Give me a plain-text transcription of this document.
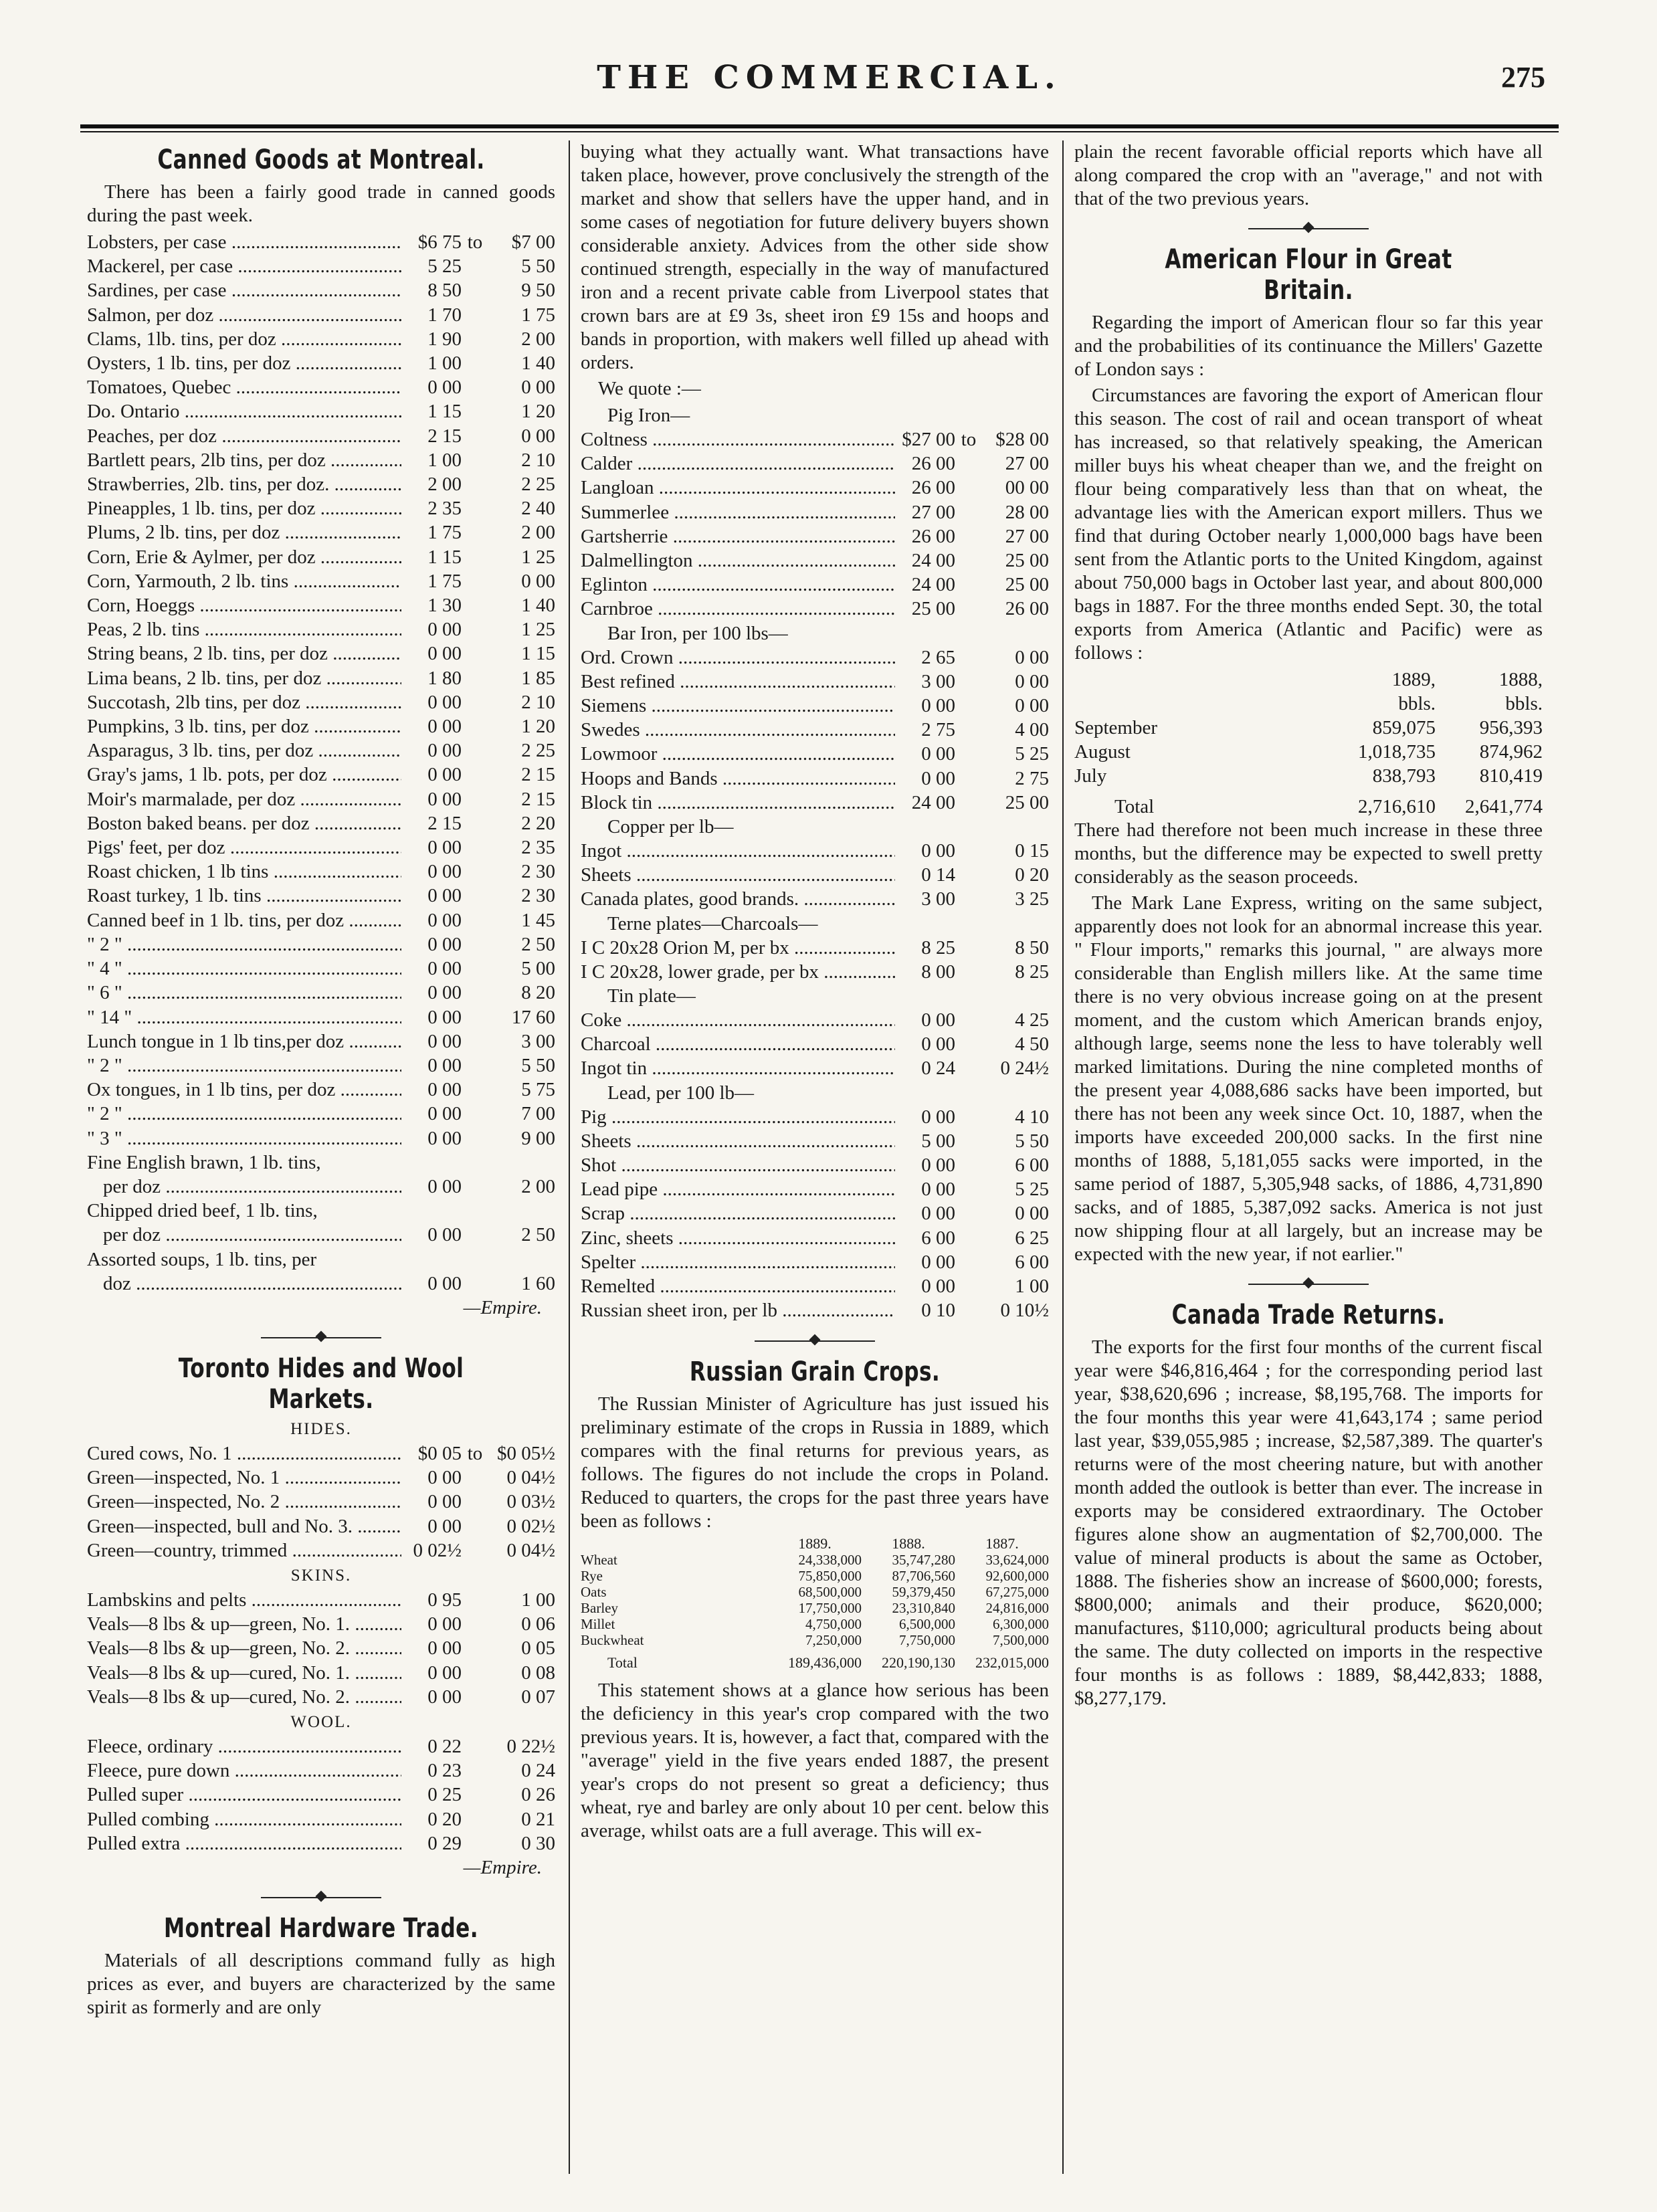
THE COMMERCIAL.	275
Canned Goods at Montreal.

There has been a fairly good trade in canned goods during the past week.

Lobsters, per case .....	$6 75	to	$7 00
Mackerel, per case .....	5 25		5 50
Sardines, per case .....	8 50		9 50
Salmon, per doz .....	1 70		1 75
Clams, 1lb. tins, per doz .....	1 90		2 00
Oysters, 1 lb. tins, per doz .....	1 00		1 40
Tomatoes, Quebec .....	0 00		0 00
Do. Ontario .....	1 15		1 20
Peaches, per doz .....	2 15		0 00
Bartlett pears, 2lb tins, per doz .....	1 00		2 10
Strawberries, 2lb. tins, per doz. .....	2 00		2 25
Pineapples, 1 lb. tins, per doz .....	2 35		2 40
Plums, 2 lb. tins, per doz .....	1 75		2 00
Corn, Erie & Aylmer, per doz .....	1 15		1 25
Corn, Yarmouth, 2 lb. tins .....	1 75		0 00
Corn, Hoeggs .....	1 30		1 40
Peas, 2 lb. tins .....	0 00		1 25
String beans, 2 lb. tins, per doz .....	0 00		1 15
Lima beans, 2 lb. tins, per doz .....	1 80		1 85
Succotash, 2lb tins, per doz .....	0 00		2 10
Pumpkins, 3 lb. tins, per doz .....	0 00		1 20
Asparagus, 3 lb. tins, per doz .....	0 00		2 25
Gray's jams, 1 lb. pots, per doz .....	0 00		2 15
Moir's marmalade, per doz .....	0 00		2 15
Boston baked beans. per doz .....	2 15		2 20
Pigs' feet, per doz .....	0 00		2 35
Roast chicken, 1 lb tins .....	0 00		2 30
Roast turkey, 1 lb. tins .....	0 00		2 30
Canned beef in 1 lb. tins, per doz .....	0 00		1 45
" 2 " .....	0 00		2 50
" 4 " .....	0 00		5 00
" 6 " .....	0 00		8 20
" 14 " .....	0 00		17 60
Lunch tongue in 1 lb tins,per doz .....	0 00		3 00
" 2 " .....	0 00		5 50
Ox tongues, in 1 lb tins, per doz .....	0 00		5 75
" 2 " .....	0 00		7 00
" 3 " .....	0 00		9 00
Fine English brawn, 1 lb. tins,			
per doz .....	0 00		2 00
Chipped dried beef, 1 lb. tins,			
per doz .....	0 00		2 50
Assorted soups, 1 lb. tins, per			
doz .....	0 00		1 60
—Empire.
Toronto Hides and Wool Markets.
HIDES.
Cured cows, No. 1 .....	$0 05	to	$0 05½
Green—inspected, No. 1 .....	0 00		0 04½
Green—inspected, No. 2 .....	0 00		0 03½
Green—inspected, bull and No. 3. .....	0 00		0 02½
Green—country, trimmed .....	0 02½		0 04½
SKINS.
Lambskins and pelts .....	0 95		1 00
Veals—8 lbs & up—green, No. 1. .....	0 00		0 06
Veals—8 lbs & up—green, No. 2. .....	0 00		0 05
Veals—8 lbs & up—cured, No. 1. .....	0 00		0 08
Veals—8 lbs & up—cured, No. 2. .....	0 00		0 07
WOOL.
Fleece, ordinary .....	0 22		0 22½
Fleece, pure down .....	0 23		0 24
Pulled super .....	0 25		0 26
Pulled combing .....	0 20		0 21
Pulled extra .....	0 29		0 30
—Empire.
Montreal Hardware Trade.

Materials of all descriptions command fully as high prices as ever, and buyers are characterized by the same spirit as formerly and are only

buying what they actually want. What transactions have taken place, however, prove conclusively the strength of the market and show that sellers have the upper hand, and in some cases of negotiation for future delivery buyers shown considerable anxiety. Advices from the other side show continued strength, especially in the way of manufactured iron and a recent private cable from Liverpool states that crown bars are at £9 3s, sheet iron £9 15s and hoops and bands in proportion, with makers well filled up ahead with orders.

We quote :—

Pig Iron—
Coltness .....	$27 00	to	$28 00
Calder .....	26 00		27 00
Langloan .....	26 00		00 00
Summerlee .....	27 00		28 00
Gartsherrie .....	26 00		27 00
Dalmellington .....	24 00		25 00
Eglinton .....	24 00		25 00
Carnbroe .....	25 00		26 00
Bar Iron, per 100 lbs—
Ord. Crown .....	2 65		0 00
Best refined .....	3 00		0 00
Siemens .....	0 00		0 00
Swedes .....	2 75		4 00
Lowmoor .....	0 00		5 25
Hoops and Bands .....	0 00		2 75
Block tin .....	24 00		25 00
Copper per lb—
Ingot .....	0 00		0 15
Sheets .....	0 14		0 20
Canada plates, good brands. .....	3 00		3 25
Terne plates—Charcoals—
I C 20x28 Orion M, per bx .....	8 25		8 50
I C 20x28, lower grade, per bx .....	8 00		8 25
Tin plate—
Coke .....	0 00		4 25
Charcoal .....	0 00		4 50
Ingot tin .....	0 24		0 24½
Lead, per 100 lb—
Pig .....	0 00		4 10
Sheets .....	5 00		5 50
Shot .....	0 00		6 00
Lead pipe .....	0 00		5 25
Scrap .....	0 00		0 00
Zinc, sheets .....	6 00		6 25
Spelter .....	0 00		6 00
Remelted .....	0 00		1 00
Russian sheet iron, per lb .....	0 10		0 10½
Russian Grain Crops.

The Russian Minister of Agriculture has just issued his preliminary estimate of the crops in Russia in 1889, which compares with the final returns for previous years, as follows. The figures do not include the crops in Poland. Reduced to quarters, the crops for the past three years have been as follows :

	1889.	1888.	1887.
Wheat	24,338,000	35,747,280	33,624,000
Rye	75,850,000	87,706,560	92,600,000
Oats	68,500,000	59,379,450	67,275,000
Barley	17,750,000	23,310,840	24,816,000
Millet	4,750,000	6,500,000	6,300,000
Buckwheat	7,250,000	7,750,000	7,500,000
Total	189,436,000	220,190,130	232,015,000

This statement shows at a glance how serious has been the deficiency in this year's crop compared with the two previous years. It is, however, a fact that, compared with the "average" yield in the five years ended 1887, the present year's crops do not present so great a deficiency; thus wheat, rye and barley are only about 10 per cent. below this average, whilst oats are a full average. This will ex-

plain the recent favorable official reports which have all along compared the crop with an "average," and not with that of the two previous years.

American Flour in Great Britain.

Regarding the import of American flour so far this year and the probabilities of its continuance the Millers' Gazette of London says :

Circumstances are favoring the export of American flour this season. The cost of rail and ocean transport of wheat has increased, so that relatively speaking, the American miller buys his wheat cheaper than we, and the freight on flour being comparatively less than that on wheat, the advantage lies with the American export millers. Thus we find that during October nearly 1,000,000 bags have been sent from the Atlantic ports to the United Kingdom, against about 750,000 bags in October last year, and about 800,000 bags in 1887. For the three months ended Sept. 30, the total exports from America (Atlantic and Pacific) were as follows :

	1889,	1888,
	bbls.	bbls.
September	859,075	956,393
August	1,018,735	874,962
July	838,793	810,419
Total	2,716,610	2,641,774

There had therefore not been much increase in these three months, but the difference may be expected to swell pretty considerably as the season proceeds.

The Mark Lane Express, writing on the same subject, apparently does not look for an abnormal increase this year. " Flour imports," remarks this journal, " are always more considerable than English millers like. At the same time there is no very obvious increase going on at the present moment, and the custom which American brands enjoy, although large, seems none the less to have tolerably well marked limitations. During the nine completed months of the present year 4,088,686 sacks have been imported, but there has not been any week since Oct. 10, 1887, when the imports have exceeded 200,000 sacks. In the first nine months of 1888, 5,181,055 sacks were imported, in the same period of 1887, 5,305,948 sacks, of 1886, 4,731,890 sacks, and of 1885, 5,387,092 sacks. America is not just now shipping flour at all largely, but an increase may be expected with the new year, if not earlier."

Canada Trade Returns.

The exports for the first four months of the current fiscal year were $46,816,464 ; for the corresponding period last year, $38,620,696 ; increase, $8,195,768. The imports for the four months this year were 41,643,174 ; same period last year, $39,055,985 ; increase, $2,587,389. The quarter's returns were of the most cheering nature, but with another month added the outlook is better than ever. The increase in exports may be considered extraordinary. The October figures alone show an augmentation of $2,700,000. The value of mineral products is about the same as October, 1888. The fisheries show an increase of $600,000; forests, $800,000; animals and their produce, $620,000; manufactures, $110,000; agricultural products being about the same. The duty collected on imports in the respective four months is as follows : 1889, $8,442,833; 1888, $8,277,179.
